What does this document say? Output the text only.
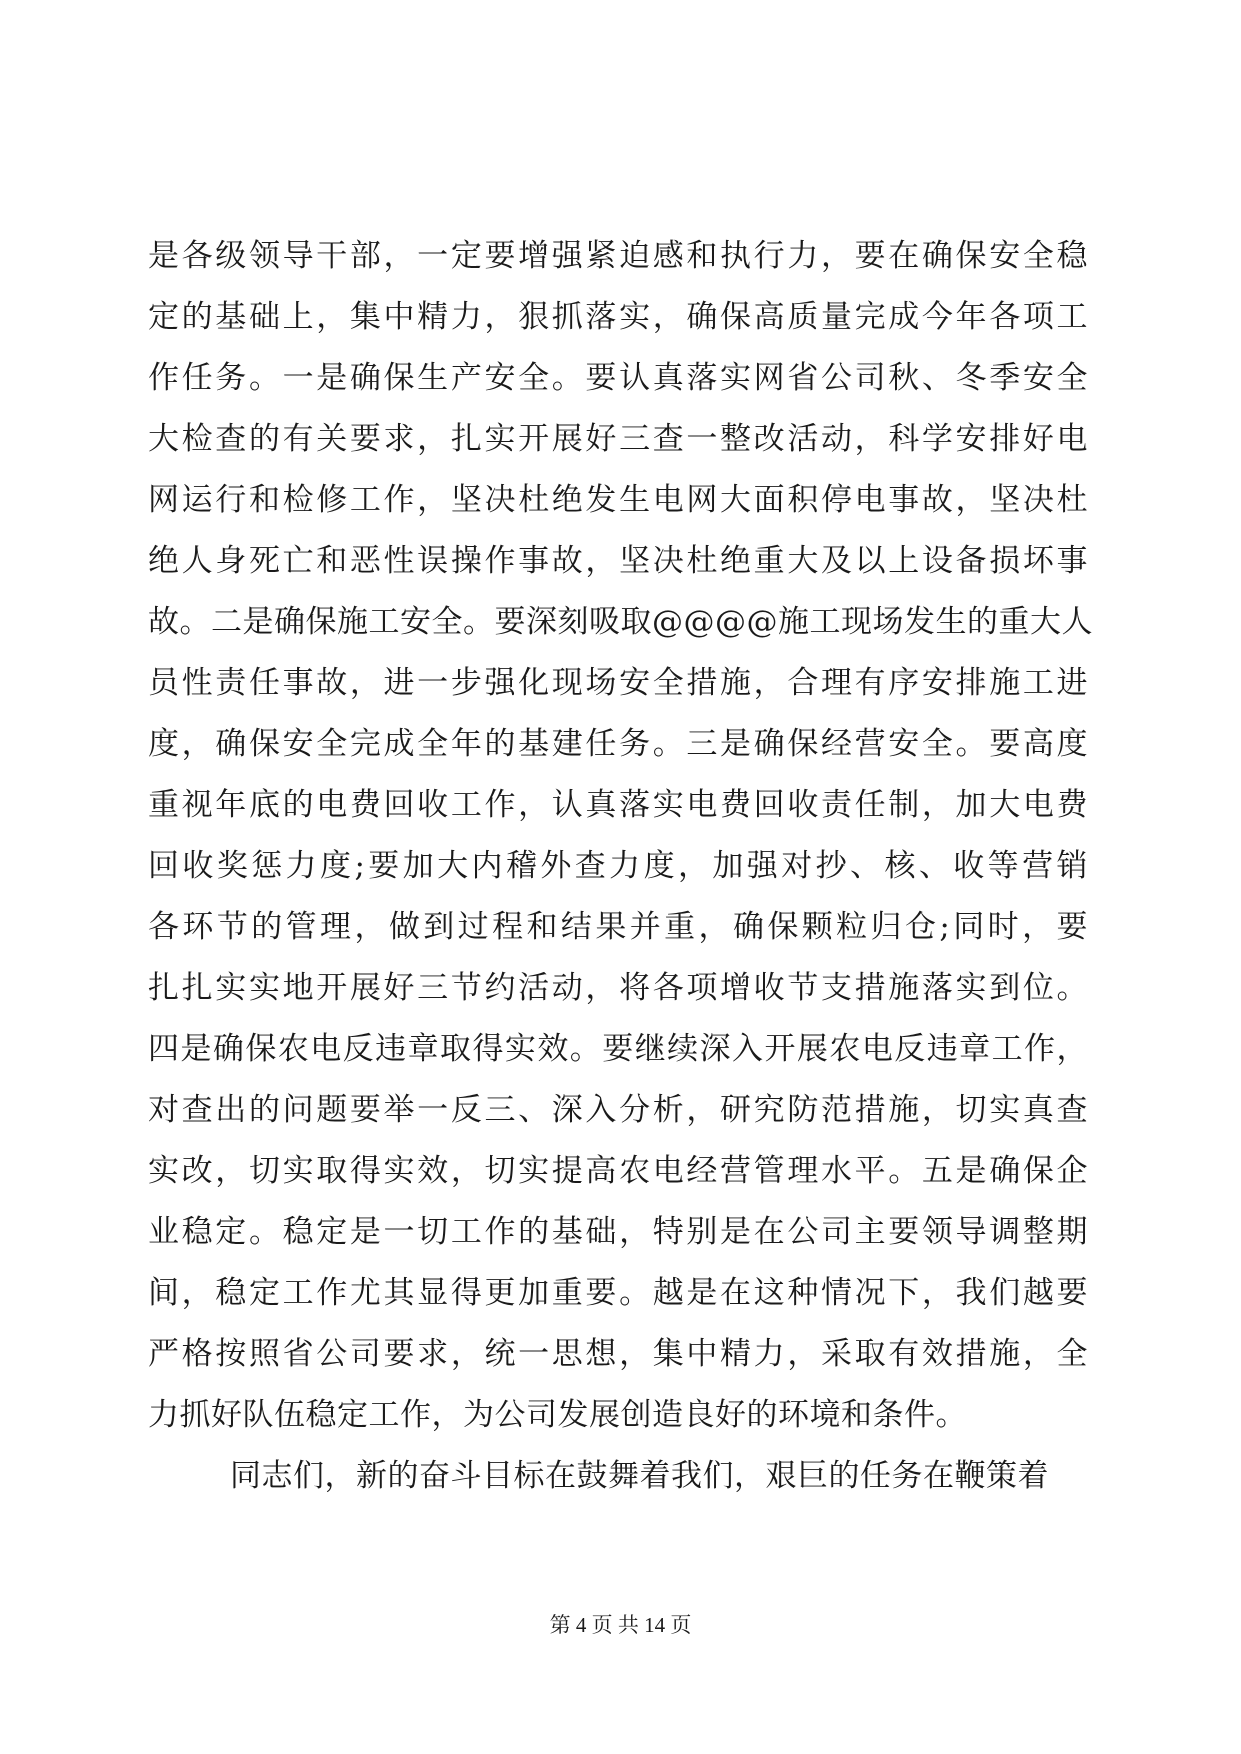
是各级领导干部，一定要增强紧迫感和执行力，要在确保安全稳
定的基础上，集中精力，狠抓落实，确保高质量完成今年各项工
作任务。一是确保生产安全。要认真落实网省公司秋、冬季安全
大检查的有关要求，扎实开展好三查一整改活动，科学安排好电
网运行和检修工作，坚决杜绝发生电网大面积停电事故，坚决杜
绝人身死亡和恶性误操作事故，坚决杜绝重大及以上设备损坏事
故。二是确保施工安全。要深刻吸取@@@@施工现场发生的重大人
员性责任事故，进一步强化现场安全措施，合理有序安排施工进
度，确保安全完成全年的基建任务。三是确保经营安全。要高度
重视年底的电费回收工作，认真落实电费回收责任制，加大电费
回收奖惩力度;要加大内稽外查力度，加强对抄、核、收等营销
各环节的管理，做到过程和结果并重，确保颗粒归仓;同时，要
扎扎实实地开展好三节约活动，将各项增收节支措施落实到位。
四是确保农电反违章取得实效。要继续深入开展农电反违章工作，
对查出的问题要举一反三、深入分析，研究防范措施，切实真查
实改，切实取得实效，切实提高农电经营管理水平。五是确保企
业稳定。稳定是一切工作的基础，特别是在公司主要领导调整期
间，稳定工作尤其显得更加重要。越是在这种情况下，我们越要
严格按照省公司要求，统一思想，集中精力，采取有效措施，全
力抓好队伍稳定工作，为公司发展创造良好的环境和条件。
同志们，新的奋斗目标在鼓舞着我们，艰巨的任务在鞭策着
第 4 页 共 14 页
